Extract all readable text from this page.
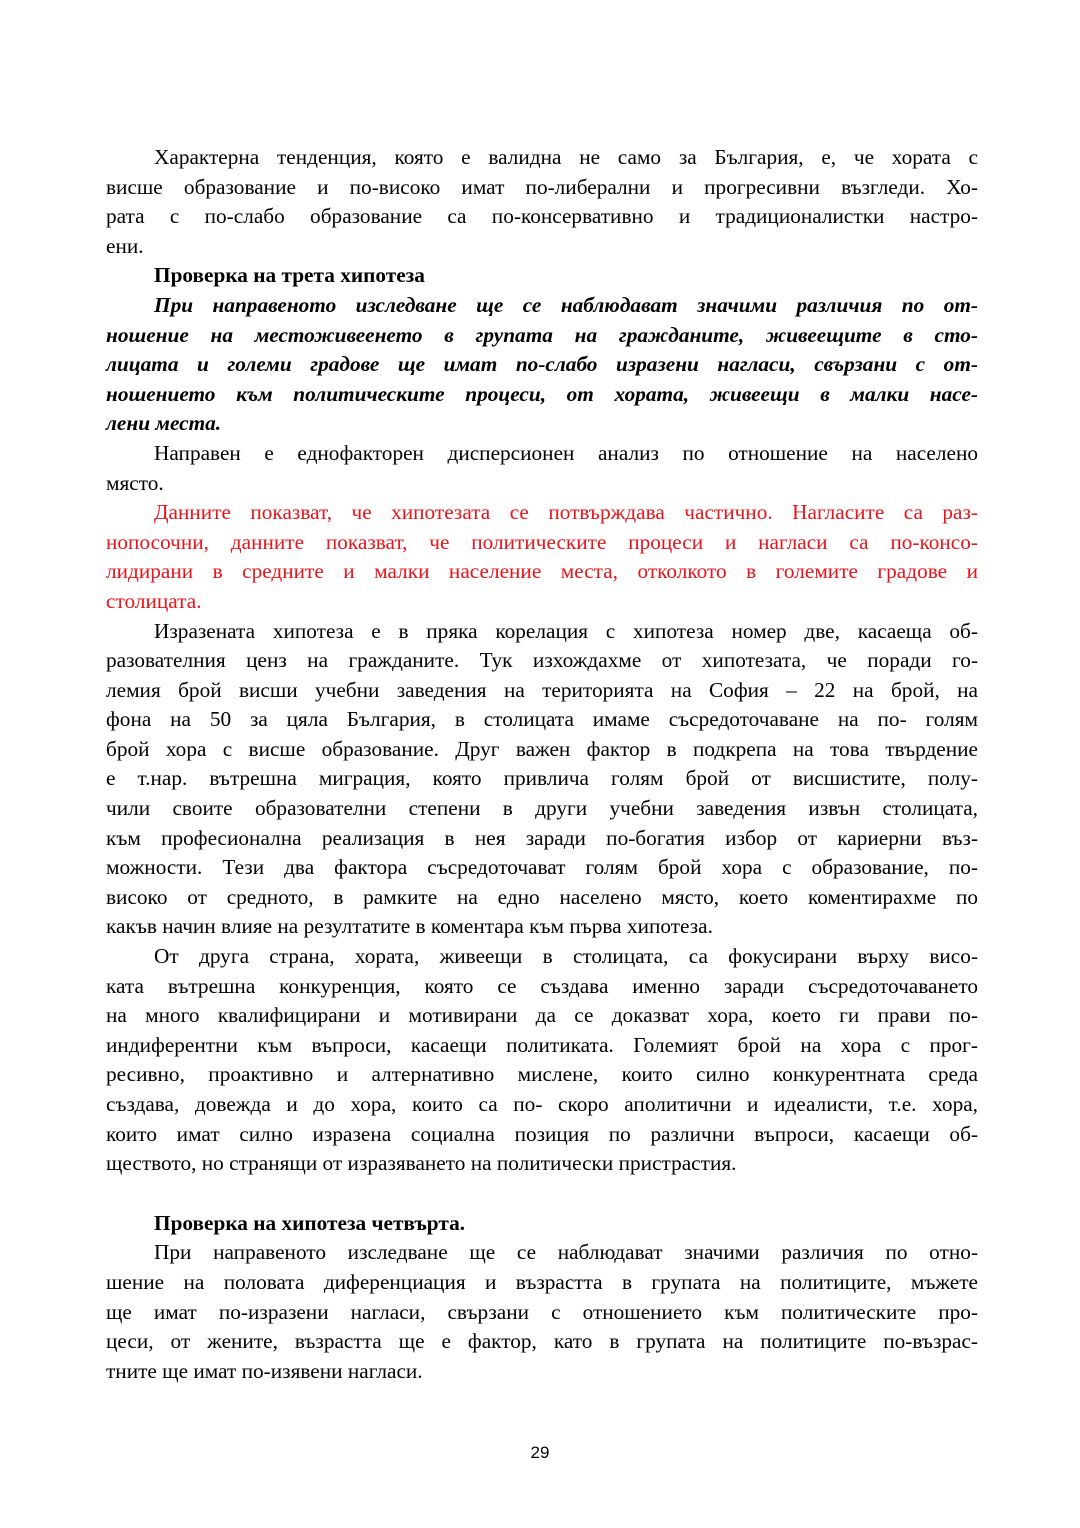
Характерна тенденция, която е валидна не само за България, е, че хората с
висше образование и по-високо имат по-либерални и прогресивни възгледи. Хо-
рата с по-слабо образование са по-консервативно и традиционалистки настро-
ени.
Проверка на трета хипотеза
При направеното изследване ще се наблюдават значими различия по от-
ношение на местоживеенето в групата на гражданите, живеещите в сто-
лицата и големи градове ще имат по-слабо изразени нагласи, свързани с от-
ношението към политическите процеси, от хората, живеещи в малки насе-
лени места.
Направен е еднофакторен дисперсионен анализ по отношение на населено
място.
Данните показват, че хипотезата се потвърждава частично. Нагласите са раз-
нопосочни, данните показват, че политическите процеси и нагласи са по-консо-
лидирани в средните и малки население места, отколкото в големите градове и
столицата.
Изразената хипотеза е в пряка корелация с хипотеза номер две, касаеща об-
разователния ценз на гражданите. Тук изхождахме от хипотезата, че поради го-
лемия брой висши учебни заведения на територията на София – 22 на брой, на
фона на 50 за цяла България, в столицата имаме съсредоточаване на по- голям
брой хора с висше образование. Друг важен фактор в подкрепа на това твърдение
е т.нар. вътрешна миграция, която привлича голям брой от висшистите, полу-
чили своите образователни степени в други учебни заведения извън столицата,
към професионална реализация в нея заради по-богатия избор от кариерни въз-
можности. Тези два фактора съсредоточават голям брой хора с образование, по-
високо от средното, в рамките на едно населено място, което коментирахме по
какъв начин влияе на резултатите в коментара към първа хипотеза.
От друга страна, хората, живеещи в столицата, са фокусирани върху висо-
ката вътрешна конкуренция, която се създава именно заради съсредоточаването
на много квалифицирани и мотивирани да се доказват хора, което ги прави по-
индиферентни към въпроси, касаещи политиката. Големият брой на хора с прог-
ресивно, проактивно и алтернативно мислене, които силно конкурентната среда
създава, довежда и до хора, които са по- скоро аполитични и идеалисти, т.е. хора,
които имат силно изразена социална позиция по различни въпроси, касаещи об-
ществото, но странящи от изразяването на политически пристрастия.
Проверка на хипотеза четвърта.
При направеното изследване ще се наблюдават значими различия по отно-
шение на половата диференциация и възрастта в групата на политиците, мъжете
ще имат по-изразени нагласи, свързани с отношението към политическите про-
цеси, от жените, възрастта ще е фактор, като в групата на политиците по-възрас-
тните ще имат по-изявени нагласи.
29
